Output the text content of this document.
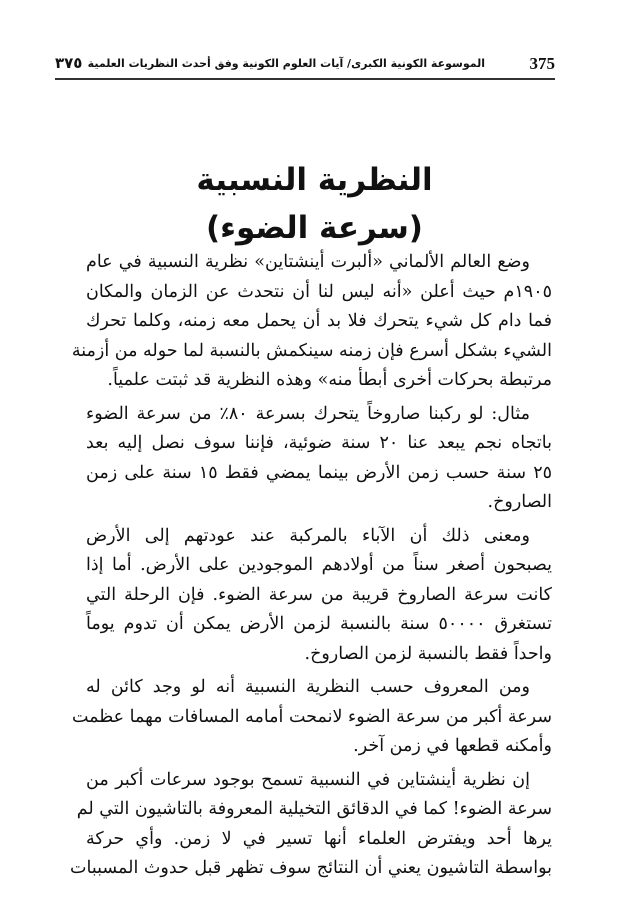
375
الموسوعة الكونية الكبرى/ آيات العلوم الكونية وفق أحدث النظريات العلمية
٣٧٥
النظرية النسبية
(سرعة الضوء)
وضع العالم الألماني «ألبرت أينشتاين» نظرية النسبية في عام
١٩٠٥م حيث أعلن «أنه ليس لنا أن نتحدث عن الزمان والمكان
فما دام كل شيء يتحرك فلا بد أن يحمل معه زمنه، وكلما تحرك
الشيء بشكل أسرع فإن زمنه سينكمش بالنسبة لما حوله من أزمنة
مرتبطة بحركات أخرى أبطأ منه» وهذه النظرية قد ثبتت علمياً.
مثال: لو ركبنا صاروخاً يتحرك بسرعة ٨٠٪ من سرعة الضوء
باتجاه نجم يبعد عنا ٢٠ سنة ضوئية، فإننا سوف نصل إليه بعد
٢٥ سنة حسب زمن الأرض بينما يمضي فقط ١٥ سنة على زمن
الصاروخ.
ومعنى ذلك أن الآباء بالمركبة عند عودتهم إلى الأرض
يصبحون أصغر سناً من أولادهم الموجودين على الأرض. أما إذا
كانت سرعة الصاروخ قريبة من سرعة الضوء. فإن الرحلة التي
تستغرق ٥٠٠٠٠ سنة بالنسبة لزمن الأرض يمكن أن تدوم يوماً
واحداً فقط بالنسبة لزمن الصاروخ.
ومن المعروف حسب النظرية النسبية أنه لو وجد كائن له
سرعة أكبر من سرعة الضوء لانمحت أمامه المسافات مهما عظمت
وأمكنه قطعها في زمن آخر.
إن نظرية أينشتاين في النسبية تسمح بوجود سرعات أكبر من
سرعة الضوء! كما في الدقائق التخيلية المعروفة بالتاشيون التي لم
يرها أحد ويفترض العلماء أنها تسير في لا زمن. وأي حركة
بواسطة التاشيون يعني أن النتائج سوف تظهر قبل حدوث المسببات
